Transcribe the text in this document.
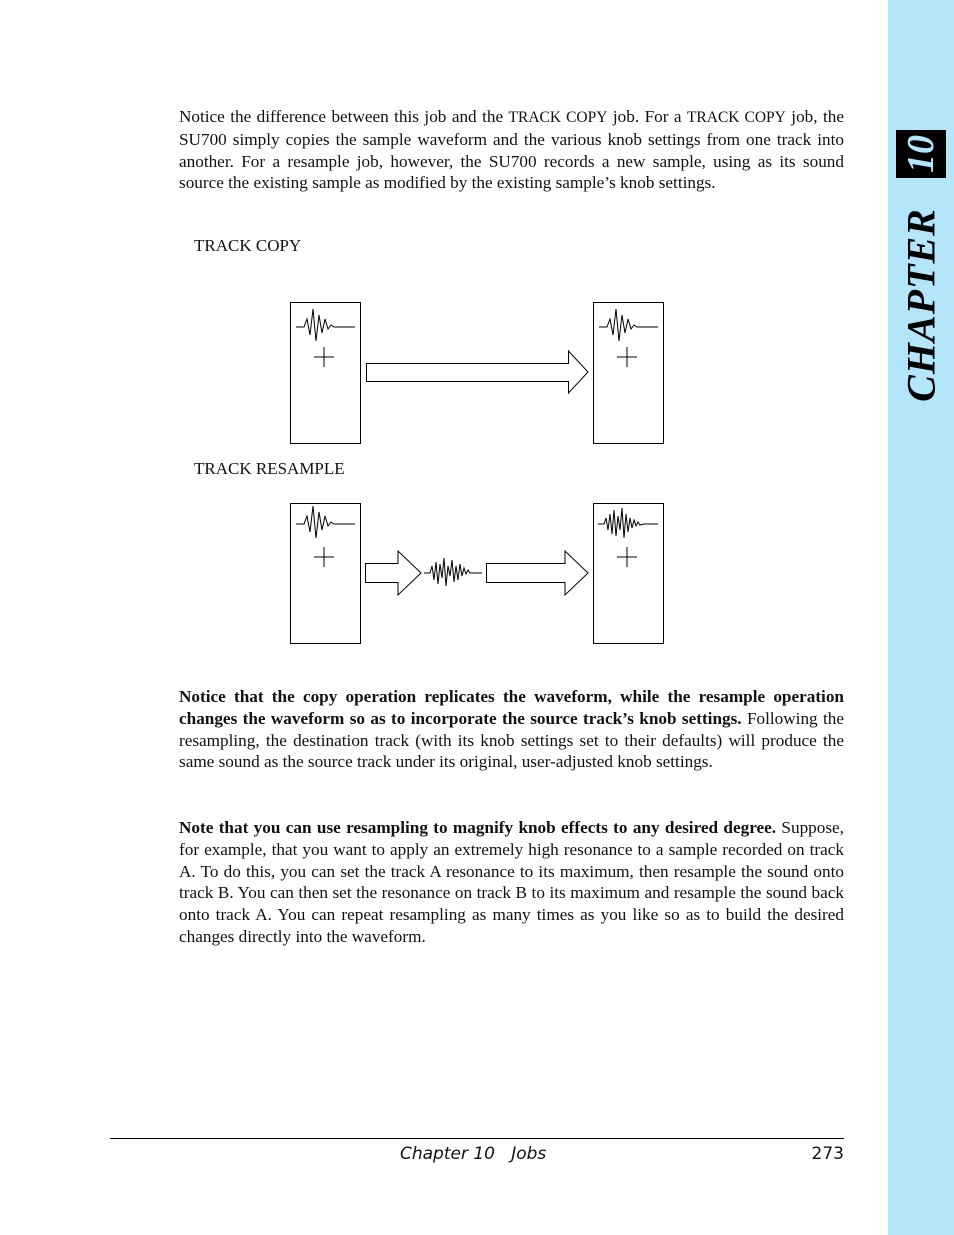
10
CHAPTER

Notice the difference between this job and the TRACK COPY job. For a TRACK COPY job, the SU700 simply copies the sample waveform and the various knob settings from one track into another. For a resample job, however, the SU700 records a new sample, using as its sound source the existing sample as modified by the existing sample’s knob settings.

TRACK COPY

TRACK RESAMPLE

Notice that the copy operation replicates the waveform, while the resample operation changes the waveform so as to incorporate the source track’s knob settings. Following the resampling, the destination track (with its knob settings set to their defaults) will produce the same sound as the source track under its original, user-adjusted knob settings.

Note that you can use resampling to magnify knob effects to any desired degree. Suppose, for example, that you want to apply an extremely high resonance to a sample recorded on track A. To do this, you can set the track A resonance to its maximum, then resample the sound onto track B. You can then set the resonance on track B to its maximum and resample the sound back onto track A. You can repeat resampling as many times as you like so as to build the desired changes directly into the waveform.

Chapter 10   Jobs	273
